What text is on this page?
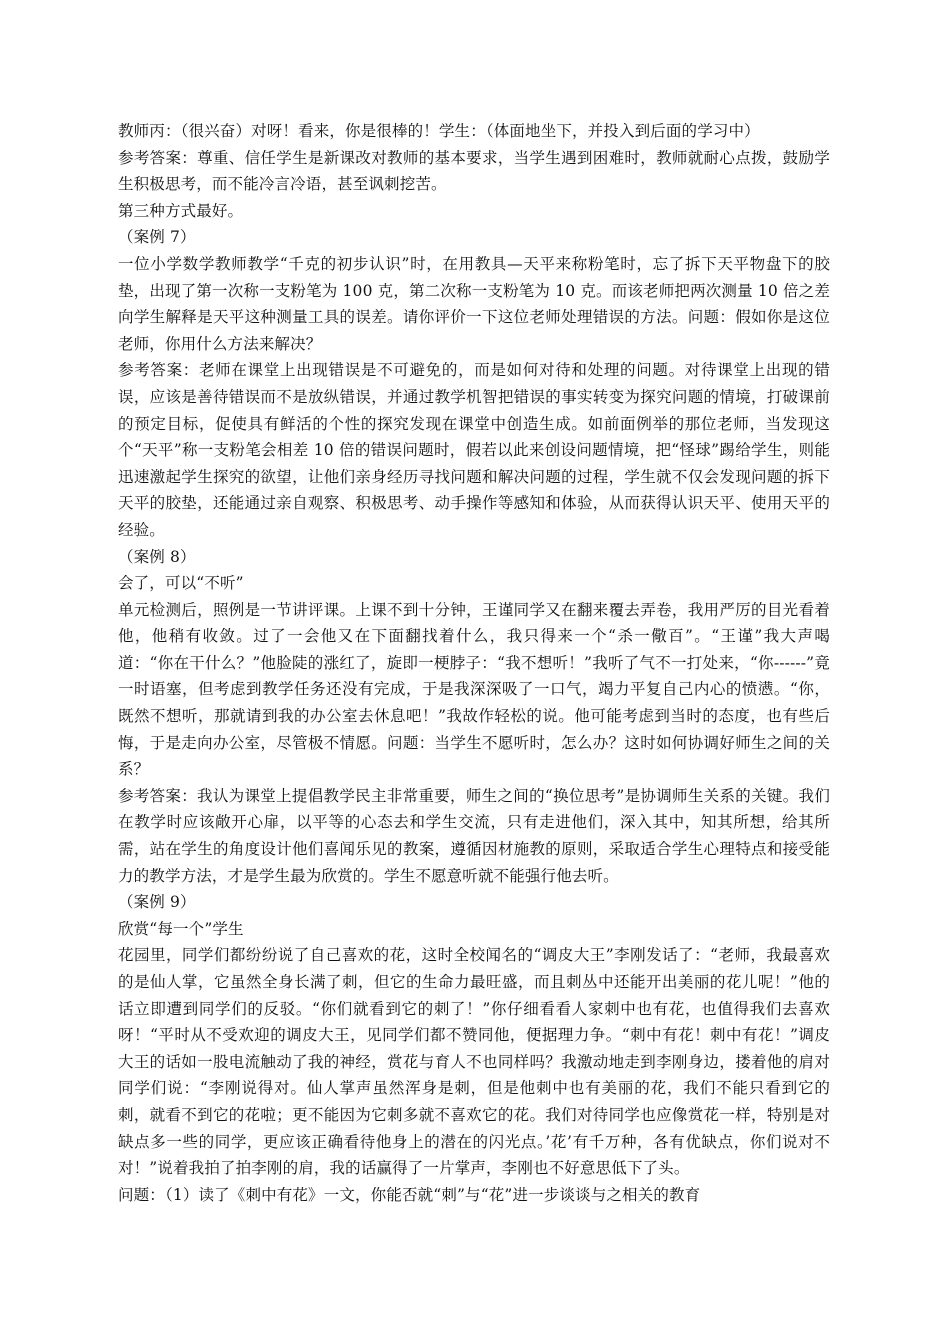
教师丙：（很兴奋）对呀！看来，你是很棒的！学生：（体面地坐下，并投入到后面的学习中）

参考答案：尊重、信任学生是新课改对教师的基本要求，当学生遇到困难时，教师就耐心点拨，鼓励学生积极思考，而不能冷言冷语，甚至讽刺挖苦。

第三种方式最好。

（案例 7）

一位小学数学教师教学“千克的初步认识”时，在用教具—天平来称粉笔时，忘了拆下天平物盘下的胶垫，出现了第一次称一支粉笔为 100 克，第二次称一支粉笔为 10 克。而该老师把两次测量 10 倍之差向学生解释是天平这种测量工具的误差。请你评价一下这位老师处理错误的方法。问题：假如你是这位老师，你用什么方法来解决？

参考答案：老师在课堂上出现错误是不可避免的，而是如何对待和处理的问题。对待课堂上出现的错误，应该是善待错误而不是放纵错误，并通过教学机智把错误的事实转变为探究问题的情境，打破课前的预定目标，促使具有鲜活的个性的探究发现在课堂中创造生成。如前面例举的那位老师，当发现这个“天平”称一支粉笔会相差 10 倍的错误问题时，假若以此来创设问题情境，把“怪球”踢给学生，则能迅速激起学生探究的欲望，让他们亲身经历寻找问题和解决问题的过程，学生就不仅会发现问题的拆下天平的胶垫，还能通过亲自观察、积极思考、动手操作等感知和体验，从而获得认识天平、使用天平的经验。

（案例 8）

会了，可以“不听”

单元检测后，照例是一节讲评课。上课不到十分钟，王谨同学又在翻来覆去弄卷，我用严厉的目光看着他，他稍有收敛。过了一会他又在下面翻找着什么，我只得来一个“杀一儆百”。“王谨”我大声喝道：“你在干什么？”他脸陡的涨红了，旋即一梗脖子：“我不想听！”我听了气不一打处来，“你------”竟一时语塞，但考虑到教学任务还没有完成，于是我深深吸了一口气，竭力平复自己内心的愤懑。“你，既然不想听，那就请到我的办公室去休息吧！”我故作轻松的说。他可能考虑到当时的态度，也有些后悔，于是走向办公室，尽管极不情愿。问题：当学生不愿听时，怎么办？这时如何协调好师生之间的关系？

参考答案：我认为课堂上提倡教学民主非常重要，师生之间的“换位思考”是协调师生关系的关键。我们在教学时应该敞开心扉，以平等的心态去和学生交流，只有走进他们，深入其中，知其所想，给其所需，站在学生的角度设计他们喜闻乐见的教案，遵循因材施教的原则，采取适合学生心理特点和接受能力的教学方法，才是学生最为欣赏的。学生不愿意听就不能强行他去听。

（案例 9）

欣赏“每一个”学生

花园里，同学们都纷纷说了自己喜欢的花，这时全校闻名的“调皮大王”李刚发话了：“老师，我最喜欢的是仙人掌，它虽然全身长满了刺，但它的生命力最旺盛，而且刺丛中还能开出美丽的花儿呢！”他的话立即遭到同学们的反驳。“你们就看到它的刺了！”你仔细看看人家刺中也有花，也值得我们去喜欢呀！“平时从不受欢迎的调皮大王，见同学们都不赞同他，便据理力争。“刺中有花！刺中有花！”调皮大王的话如一股电流触动了我的神经，赏花与育人不也同样吗？我激动地走到李刚身边，搂着他的肩对同学们说：“李刚说得对。仙人掌声虽然浑身是刺，但是他刺中也有美丽的花，我们不能只看到它的刺，就看不到它的花啦；更不能因为它刺多就不喜欢它的花。我们对待同学也应像赏花一样，特别是对缺点多一些的同学，更应该正确看待他身上的潜在的闪光点。’花’有千万种，各有优缺点，你们说对不对！”说着我拍了拍李刚的肩，我的话赢得了一片掌声，李刚也不好意思低下了头。

问题：（1）读了《刺中有花》一文，你能否就“刺”与“花”进一步谈谈与之相关的教育
